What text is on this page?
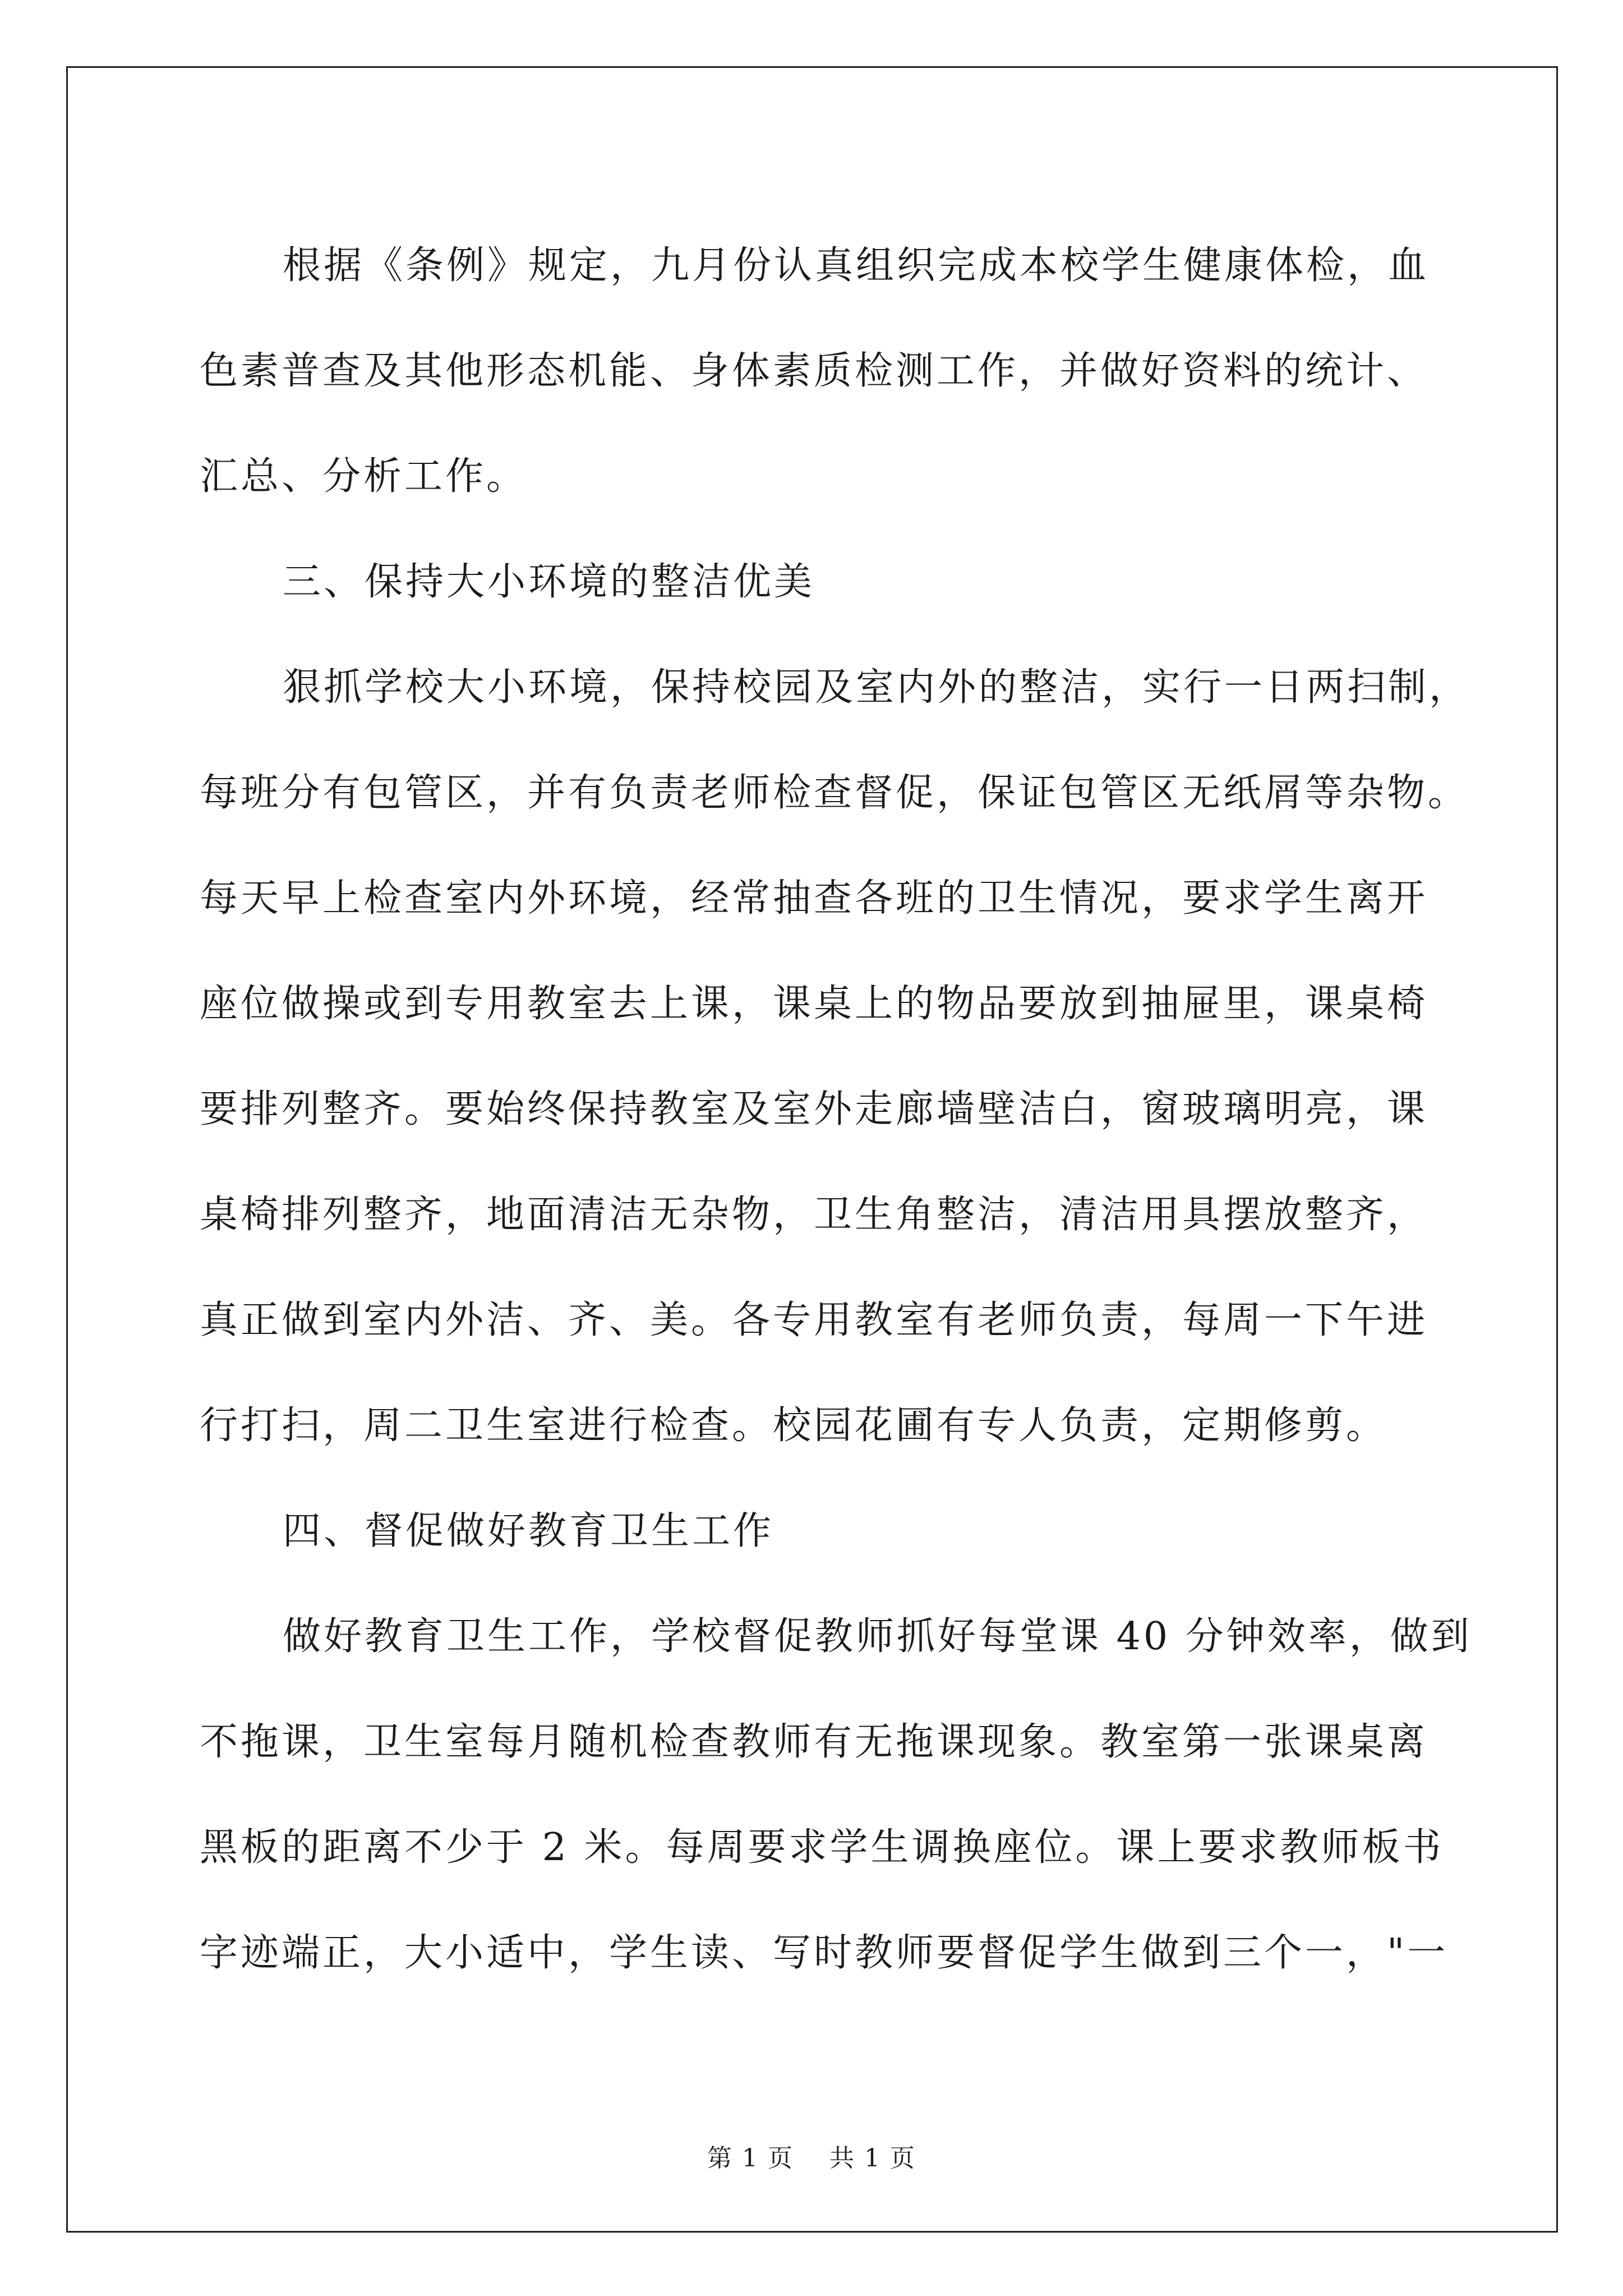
根据《条例》规定，九月份认真组织完成本校学生健康体检，血
色素普查及其他形态机能、身体素质检测工作，并做好资料的统计、
汇总、分析工作。
三、保持大小环境的整洁优美
狠抓学校大小环境，保持校园及室内外的整洁，实行一日两扫制，
每班分有包管区，并有负责老师检查督促，保证包管区无纸屑等杂物。
每天早上检查室内外环境，经常抽查各班的卫生情况，要求学生离开
座位做操或到专用教室去上课，课桌上的物品要放到抽屉里，课桌椅
要排列整齐。要始终保持教室及室外走廊墙壁洁白，窗玻璃明亮，课
桌椅排列整齐，地面清洁无杂物，卫生角整洁，清洁用具摆放整齐，
真正做到室内外洁、齐、美。各专用教室有老师负责，每周一下午进
行打扫，周二卫生室进行检查。校园花圃有专人负责，定期修剪。
四、督促做好教育卫生工作
做好教育卫生工作，学校督促教师抓好每堂课 40 分钟效率，做到
不拖课，卫生室每月随机检查教师有无拖课现象。教室第一张课桌离
黑板的距离不少于 2 米。每周要求学生调换座位。课上要求教师板书
字迹端正，大小适中，学生读、写时教师要督促学生做到三个一，"一
第 1 页    共 1 页
